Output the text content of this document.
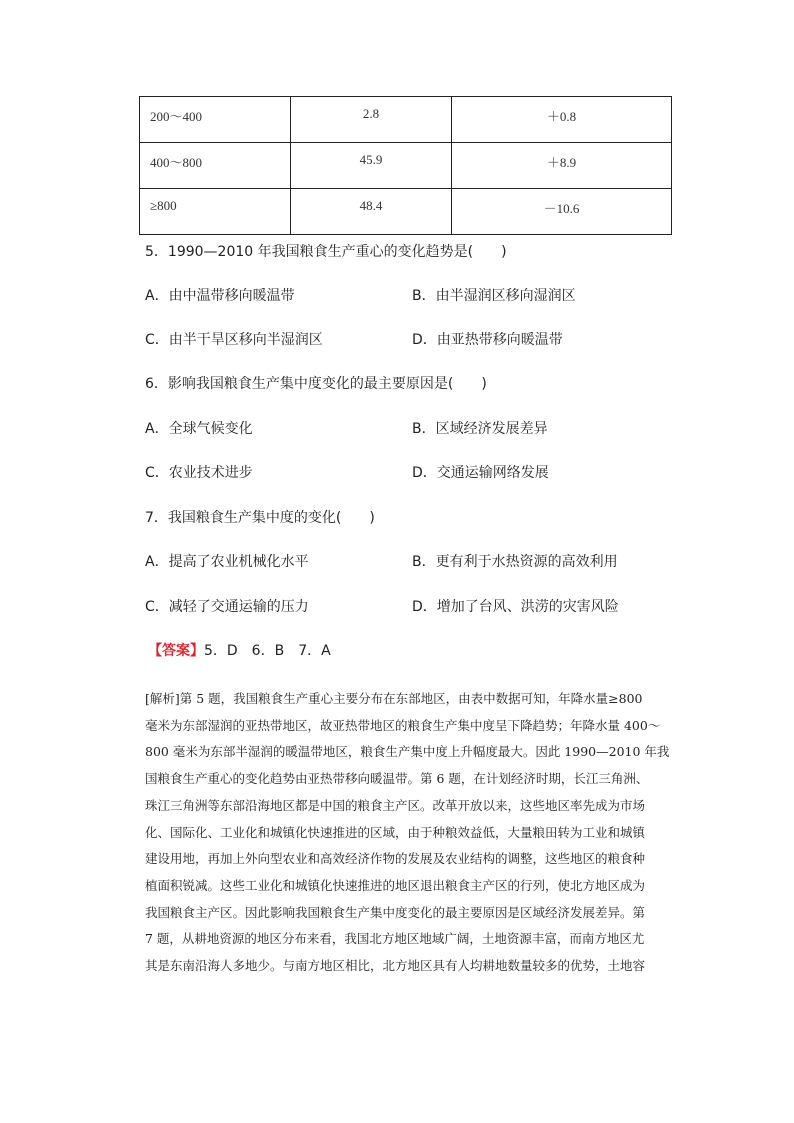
200～400	2.8	＋0.8
400～800	45.9	＋8.9
≥800	48.4	－10.6
5．1990—2010 年我国粮食生产重心的变化趋势是(　　)
A．由中温带移向暖温带	B．由半湿润区移向湿润区
C．由半干旱区移向半湿润区	D．由亚热带移向暖温带
6．影响我国粮食生产集中度变化的最主要原因是(　　)
A．全球气候变化	B．区域经济发展差异
C．农业技术进步	D．交通运输网络发展
7．我国粮食生产集中度的变化(　　)
A．提高了农业机械化水平	B．更有利于水热资源的高效利用
C．减轻了交通运输的压力	D．增加了台风、洪涝的灾害风险
【答案】5．D　6．B　7．A
[解析]第 5 题，我国粮食生产重心主要分布在东部地区，由表中数据可知，年降水量≥800
毫米为东部湿润的亚热带地区，故亚热带地区的粮食生产集中度呈下降趋势；年降水量 400～
800 毫米为东部半湿润的暖温带地区，粮食生产集中度上升幅度最大。因此 1990—2010 年我
国粮食生产重心的变化趋势由亚热带移向暖温带。第 6 题，在计划经济时期，长江三角洲、
珠江三角洲等东部沿海地区都是中国的粮食主产区。改革开放以来，这些地区率先成为市场
化、国际化、工业化和城镇化快速推进的区域，由于种粮效益低，大量粮田转为工业和城镇
建设用地，再加上外向型农业和高效经济作物的发展及农业结构的调整，这些地区的粮食种
植面积锐减。这些工业化和城镇化快速推进的地区退出粮食主产区的行列，使北方地区成为
我国粮食主产区。因此影响我国粮食生产集中度变化的最主要原因是区域经济发展差异。第
7 题，从耕地资源的地区分布来看，我国北方地区地域广阔，土地资源丰富，而南方地区尤
其是东南沿海人多地少。与南方地区相比，北方地区具有人均耕地数量较多的优势，土地容
